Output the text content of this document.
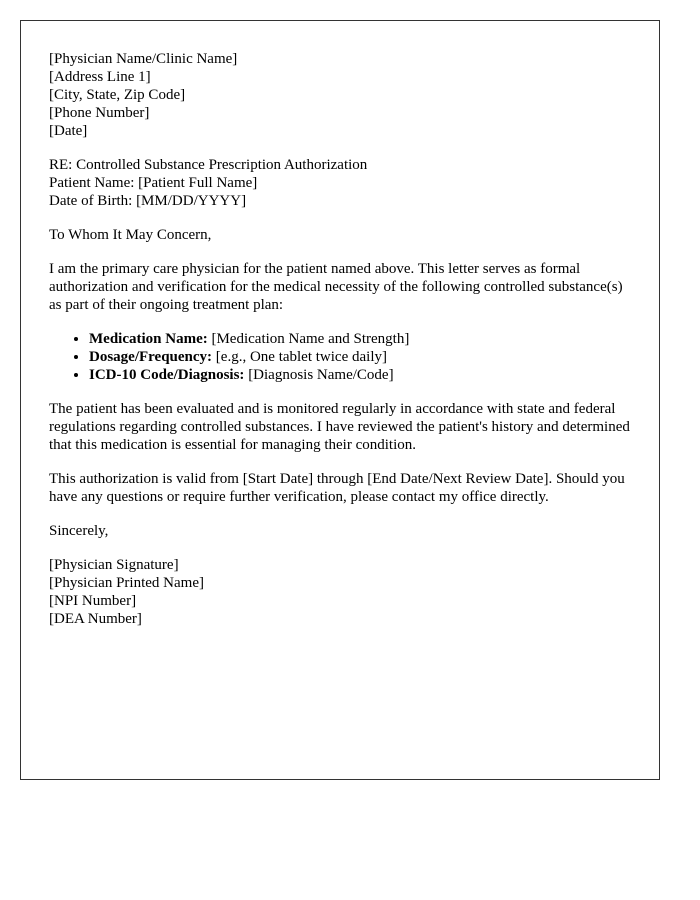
[Physician Name/Clinic Name]

[Address Line 1]

[City, State, Zip Code]

[Phone Number]

[Date]

RE: Controlled Substance Prescription Authorization

Patient Name: [Patient Full Name]

Date of Birth: [MM/DD/YYYY]

To Whom It May Concern,

I am the primary care physician for the patient named above. This letter serves as formal authorization and verification for the medical necessity of the following controlled substance(s) as part of their ongoing treatment plan:

• Medication Name: [Medication Name and Strength]
• Dosage/Frequency: [e.g., One tablet twice daily]
• ICD-10 Code/Diagnosis: [Diagnosis Name/Code]

The patient has been evaluated and is monitored regularly in accordance with state and federal regulations regarding controlled substances. I have reviewed the patient's history and determined that this medication is essential for managing their condition.

This authorization is valid from [Start Date] through [End Date/Next Review Date]. Should you have any questions or require further verification, please contact my office directly.

Sincerely,

[Physician Signature]

[Physician Printed Name]

[NPI Number]

[DEA Number]
